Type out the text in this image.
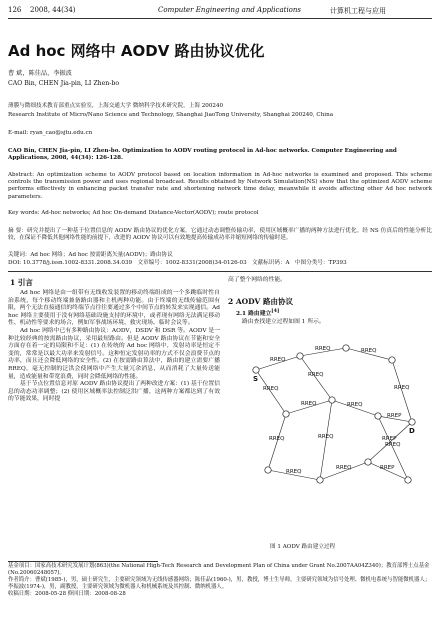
126 2008, 44(34)	Computer Engineering and Applications	计算机工程与应用
Ad hoc 网络中 AODV 路由协议优化
曹 斌，陈佳品，李振波
CAO Bin, CHEN Jia-pin, LI Zhen-bo
薄膜与微细技术教育部重点实验室，上海交通大学 微纳科学技术研究院，上海 200240
Research Institute of Micro/Nano Science and Technology, Shanghai JiaoTong University, Shanghai 200240, China
E-mail: ryan_cao@sjtu.edu.cn
CAO Bin, CHEN Jia-pin, LI Zhen-bo. Optimization to AODV routing protocol in Ad-hoc networks. Computer Engineering and Applications, 2008, 44(34): 126-128.
Abstract: An optimization scheme to AODV protocol based on location information in Ad-hoc networks is examined and proposed. This scheme controls the transmission power and uses regional broadcast. Results obtained by Network Simulation(NS) show that the optimized AODV scheme performs effectively in enhancing packet transfer rate and shortening network time delay, meanwhile it avoids affecting other Ad hoc network parameters.
Key words: Ad-hoc networks; Ad hoc On-demand Distance-Vector(AODV); route protocol
摘 要：研究并提出了一种基于位置信息的 AODV 路由协议的优化方案。它通过动态调整传输功率，使用区域概率广播的两种方法进行优化。经 NS 仿真后的性能分析比较，在保证不降低其他网络性能的前提下，改进的 AODV 协议可以有效地提高传输成功率并缩短网络的传输时延。
关键词：Ad hoc 网络；Ad hoc 按需距离矢量(AODV)；路由协议
DOI: 10.3778/j.issn.1002-8331.2008.34.039 文章编号：1002-8331(2008)34-0126-03 文献标识码：A 中图分类号：TP393
1 引言
Ad hoc 网络是由一组带有无线收发装置的移动终端组成的一个多跳临时性自治系统，每个移动终端兼备路由器和主机两种功能。由于终端的无线传输范围有限，两个无法直接通信的终端节点往往要通过多个中间节点的转发来实现通信。Ad hoc 网络主要使用于没有网络基础设施支持的环境中，或者现有网络无法满足移动性、机动性等要求的场合，例如军事战场环境、救灾现场、临时会议等。
Ad hoc 网络中已有多种路由协议：AODV，DSDV 和 DSR 等。AODV 是一种比较经典的按需路由协议，采用最短路由。但是 AODV 路由协议在节能和安全方面存在着一定的局限和不足：(1) 在传统的 Ad hoc 网络中，发射功率是恒定不变的，常常是以最大功率来发射信号。这种恒定发射功率的方式不仅会浪费节点的功率，而且还会降低网络的安全性。(2) 在按需路由算法中，路由的建立需要广播 RREQ，毫无控制的泛洪会使网络中产生大量冗余消息，从而消耗了大量传送能量，造成能量和带宽浪费，同时会降低网络的性能。
基于节点位置信息对原 AODV 路由协议提出了两种改进方案：(1) 基于位置信息的动态功率调整；(2) 使用区域概率法控制泛洪广播，这两种方案都达到了有效的节能效果，同时提
高了整个网络的性能。
2 AODV 路由协议
2.1 路由建立[4]
路由查找建立过程如图 1 所示。
RREQ
RREQ	RREQ
RREQ
RREQ
RREQ	RREQ
RREP
RREQ
RREQ	RREQ
RREQ
RREQ
RREP
RREQ
RREP
S
D
图 1 AODV 路由建立过程
基金项目：国家高技术研究发展计划(863)(the National High-Tech Research and Development Plan of China under Grant No.2007AA04Z340)；教育部博士点基金(No.20060248057)。
作者简介：曹斌(1985-)，男，硕士研究生，主要研究领域为无线传感器网络；陈佳品(1960-)，男，教授，博士生导师，主要研究领域为信号处理、微机电系统与智能微机器人；李振波(1974-)，男，副教授，主要研究领域为微机器人和机械系统及其控制、微纳机器人。
收稿日期：2008-05-28 修回日期：2008-08-28
